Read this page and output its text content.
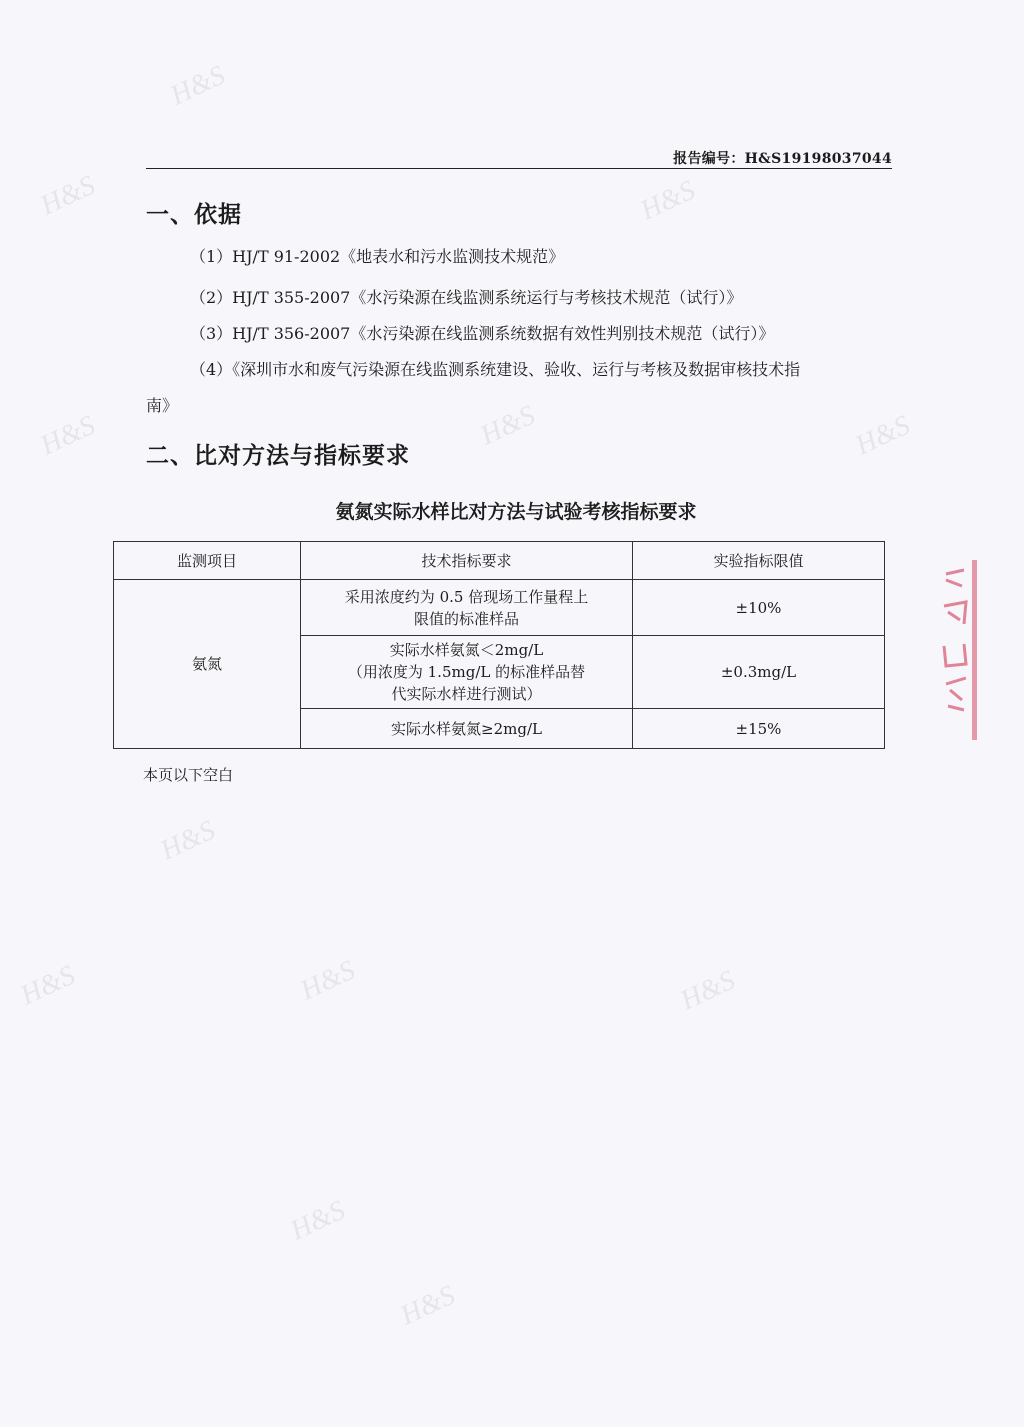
H&S
H&S	H&S
H&S	H&S	H&S
H&S
H&S	H&S	H&S
H&S
H&S
报告编号：H&S19198037044
一、依据
（1）HJ/T 91-2002《地表水和污水监测技术规范》
（2）HJ/T 355-2007《水污染源在线监测系统运行与考核技术规范（试行）》
（3）HJ/T 356-2007《水污染源在线监测系统数据有效性判别技术规范（试行）》
（4）《深圳市水和废气污染源在线监测系统建设、验收、运行与考核及数据审核技术指
南》
二、比对方法与指标要求
氨氮实际水样比对方法与试验考核指标要求
监测项目	技术指标要求	实验指标限值
氨氮	采用浓度约为 0.5 倍现场工作量程上
限值的标准样品	±10%

	实际水样氨氮＜2mg/L
（用浓度为 1.5mg/L 的标准样品替
代实际水样进行测试）	±0.3mg/L

	实际水样氨氮≥2mg/L	±15%
本页以下空白
